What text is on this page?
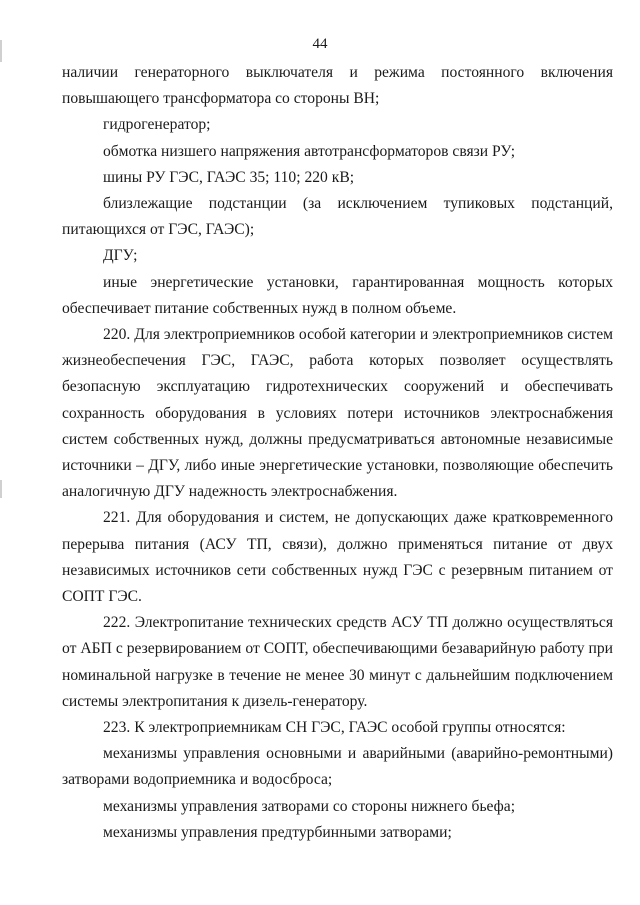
44

наличии генераторного выключателя и режима постоянного включения повышающего трансформатора со стороны ВН;

гидрогенератор;

обмотка низшего напряжения автотрансформаторов связи РУ;

шины РУ ГЭС, ГАЭС 35; 110; 220 кВ;

близлежащие подстанции (за исключением тупиковых подстанций, питающихся от ГЭС, ГАЭС);

ДГУ;

иные энергетические установки, гарантированная мощность которых обеспечивает питание собственных нужд в полном объеме.

220. Для электроприемников особой категории и электроприемников систем жизнеобеспечения ГЭС, ГАЭС, работа которых позволяет осуществлять безопасную эксплуатацию гидротехнических сооружений и обеспечивать сохранность оборудования в условиях потери источников электроснабжения систем собственных нужд, должны предусматриваться автономные независимые источники – ДГУ, либо иные энергетические установки, позволяющие обеспечить аналогичную ДГУ надежность электроснабжения.

221. Для оборудования и систем, не допускающих даже кратковременного перерыва питания (АСУ ТП, связи), должно применяться питание от двух независимых источников сети собственных нужд ГЭС с резервным питанием от СОПТ ГЭС.

222. Электропитание технических средств АСУ ТП должно осуществляться от АБП с резервированием от СОПТ, обеспечивающими безаварийную работу при номинальной нагрузке в течение не менее 30 минут с дальнейшим подключением системы электропитания к дизель-генератору.

223. К электроприемникам СН ГЭС, ГАЭС особой группы относятся:

механизмы управления основными и аварийными (аварийно-ремонтными) затворами водоприемника и водосброса;

механизмы управления затворами со стороны нижнего бьефа;

механизмы управления предтурбинными затворами;
